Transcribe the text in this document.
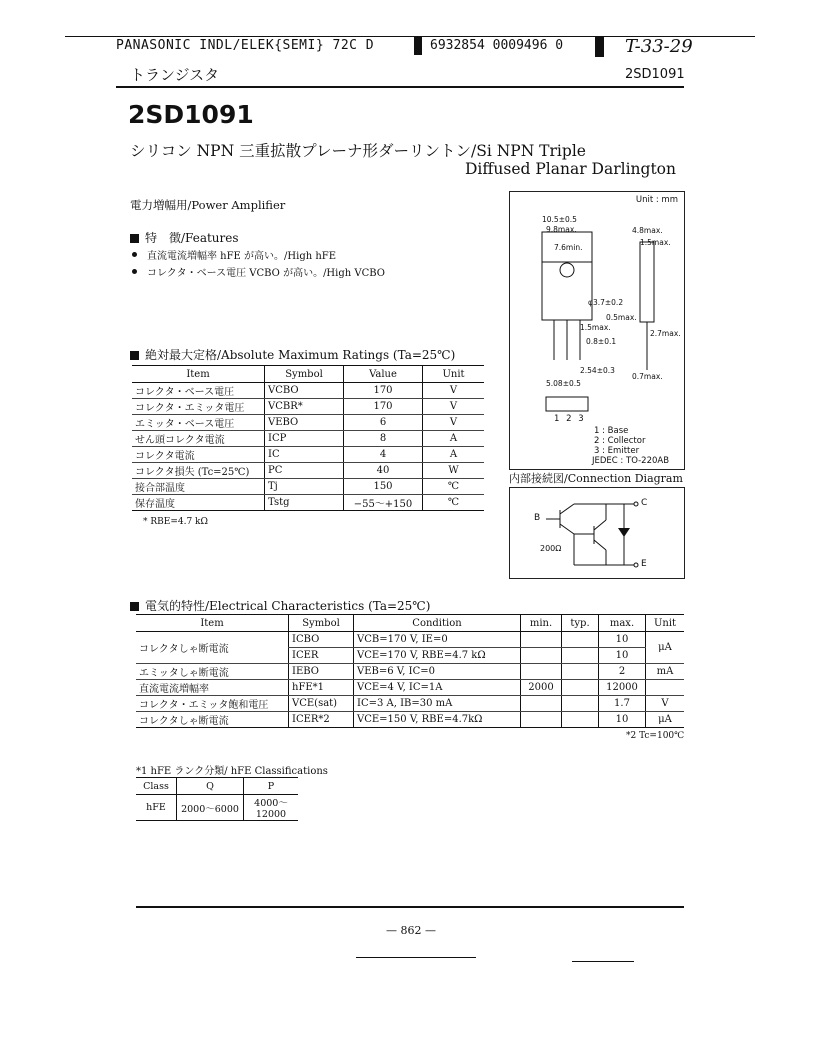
PANASONIC INDL/ELEK{SEMI} 72C D	6932854 0009496 0	T-33-29
トランジスタ	2SD1091
2SD1091
シリコン NPN 三重拡散プレーナ形ダーリントン/Si NPN Triple
Diffused Planar Darlington
電力増幅用/Power Amplifier
特　徴/Features
直流電流増幅率 hFE が高い。/High hFE
コレクタ・ベース電圧 VCBO が高い。/High VCBO
絶対最大定格/Absolute Maximum Ratings (Ta=25℃)
Item	Symbol	Value	Unit
コレクタ・ベース電圧	VCBO	170	V
コレクタ・エミッタ電圧	VCBR*	170	V
エミッタ・ベース電圧	VEBO	6	V
せん頭コレクタ電流	ICP	8	A
コレクタ電流	IC	4	A
コレクタ損失 (Tc=25℃)	PC	40	W
接合部温度	Tj	150	℃
保存温度	Tstg	−55〜+150	℃
* RBE=4.7 kΩ
Unit : mm
10.5±0.5
9.8max.
7.6min.
φ3.7±0.2
0.5max.
1.5max.
0.8±0.1
2.54±0.3
5.08±0.5
4.8max.
1.5max.
2.7max.
0.7max.
1 2 3
1 : Base
2 : Collector
3 : Emitter
JEDEC : TO-220AB
内部接続図/Connection Diagram
B
C
E
200Ω
電気的特性/Electrical Characteristics (Ta=25℃)
Item	Symbol	Condition	min.	typ.	max.	Unit
コレクタしゃ断電流	ICBO	VCB=170 V, IE=0			10	μA
	ICER	VCE=170 V, RBE=4.7 kΩ			10	
エミッタしゃ断電流	IEBO	VEB=6 V, IC=0			2	mA
直流電流増幅率	hFE*1	VCE=4 V, IC=1A	2000		12000	
コレクタ・エミッタ飽和電圧	VCE(sat)	IC=3 A, IB=30 mA			1.7	V
コレクタしゃ断電流	ICER*2	VCE=150 V, RBE=4.7kΩ			10	μA
*2 Tc=100℃
*1 hFE ランク分類/ hFE Classifications
Class	Q	P
hFE	2000〜6000	4000〜12000
— 862 —
